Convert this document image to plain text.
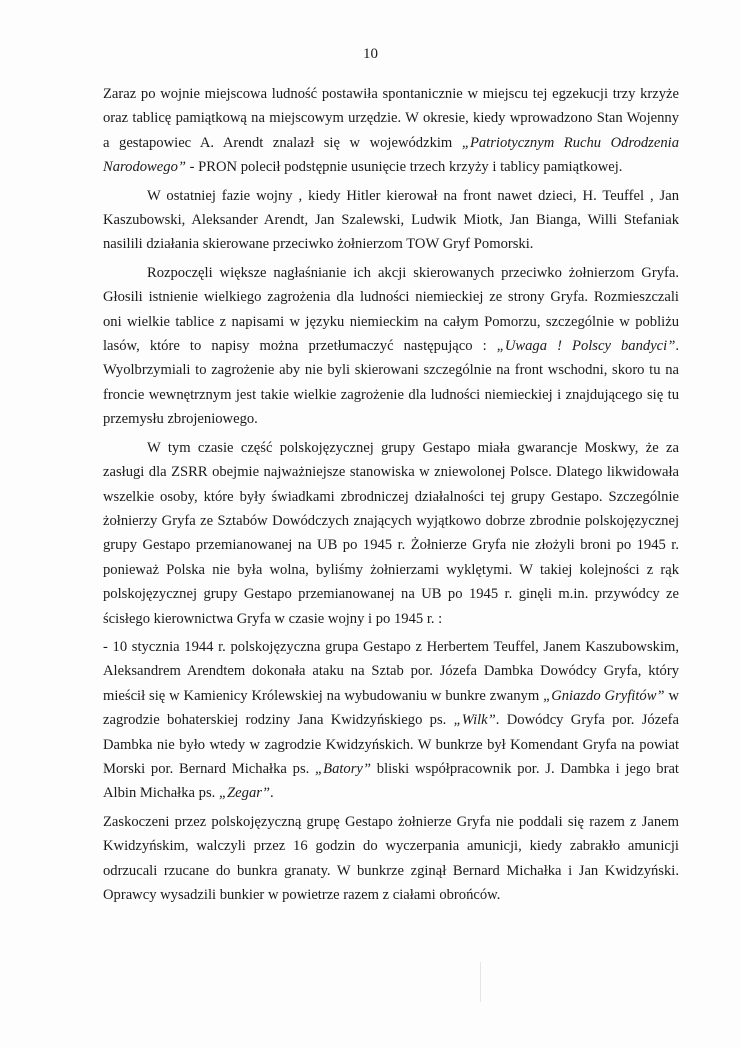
10

Zaraz po wojnie miejscowa ludność postawiła spontanicznie w miejscu tej egzekucji trzy krzyże oraz tablicę pamiątkową na miejscowym urzędzie. W okresie, kiedy wprowadzono Stan Wojenny a gestapowiec A. Arendt znalazł się w wojewódzkim „Patriotycznym Ruchu Odrodzenia Narodowego” - PRON polecił podstępnie usunięcie trzech krzyży i tablicy pamiątkowej.

W ostatniej fazie wojny , kiedy Hitler kierował na front nawet dzieci, H. Teuffel , Jan Kaszubowski, Aleksander Arendt, Jan Szalewski, Ludwik Miotk, Jan Bianga, Willi Stefaniak nasilili działania skierowane przeciwko żołnierzom TOW Gryf Pomorski.

Rozpoczęli większe nagłaśnianie ich akcji skierowanych przeciwko żołnierzom Gryfa. Głosili istnienie wielkiego zagrożenia dla ludności niemieckiej ze strony Gryfa. Rozmieszczali oni wielkie tablice z napisami w języku niemieckim na całym Pomorzu, szczególnie w pobliżu lasów, które to napisy można przetłumaczyć następująco : „Uwaga ! Polscy bandyci”. Wyolbrzymiali to zagrożenie aby nie byli skierowani szczególnie na front wschodni, skoro tu na froncie wewnętrznym jest takie wielkie zagrożenie dla ludności niemieckiej i znajdującego się tu przemysłu zbrojeniowego.

W tym czasie część polskojęzycznej grupy Gestapo miała gwarancje Moskwy, że za zasługi dla ZSRR obejmie najważniejsze stanowiska w zniewolonej Polsce. Dlatego likwidowała wszelkie osoby, które były świadkami zbrodniczej działalności tej grupy Gestapo. Szczególnie żołnierzy Gryfa ze Sztabów Dowódczych znających wyjątkowo dobrze zbrodnie polskojęzycznej grupy Gestapo przemianowanej na UB po 1945 r. Żołnierze Gryfa nie złożyli broni po 1945 r. ponieważ Polska nie była wolna, byliśmy żołnierzami wyklętymi. W takiej kolejności z rąk polskojęzycznej grupy Gestapo przemianowanej na UB po 1945 r. ginęli m.in. przywódcy ze ścisłego kierownictwa Gryfa w czasie wojny i po 1945 r. :

- 10 stycznia 1944 r. polskojęzyczna grupa Gestapo z Herbertem Teuffel, Janem Kaszubowskim, Aleksandrem Arendtem dokonała ataku na Sztab por. Józefa Dambka Dowódcy Gryfa, który mieścił się w Kamienicy Królewskiej na wybudowaniu w bunkre zwanym „Gniazdo Gryfitów” w zagrodzie bohaterskiej rodziny Jana Kwidzyńskiego ps. „Wilk”. Dowódcy Gryfa por. Józefa Dambka nie było wtedy w zagrodzie Kwidzyńskich. W bunkrze był Komendant Gryfa na powiat Morski por. Bernard Michałka ps. „Batory” bliski współpracownik por. J. Dambka i jego brat Albin Michałka ps. „Zegar”.

Zaskoczeni przez polskojęzyczną grupę Gestapo żołnierze Gryfa nie poddali się razem z Janem Kwidzyńskim, walczyli przez 16 godzin do wyczerpania amunicji, kiedy zabrakło amunicji odrzucali rzucane do bunkra granaty. W bunkrze zginął Bernard Michałka i Jan Kwidzyński. Oprawcy wysadzili bunkier w powietrze razem z ciałami obrońców.
